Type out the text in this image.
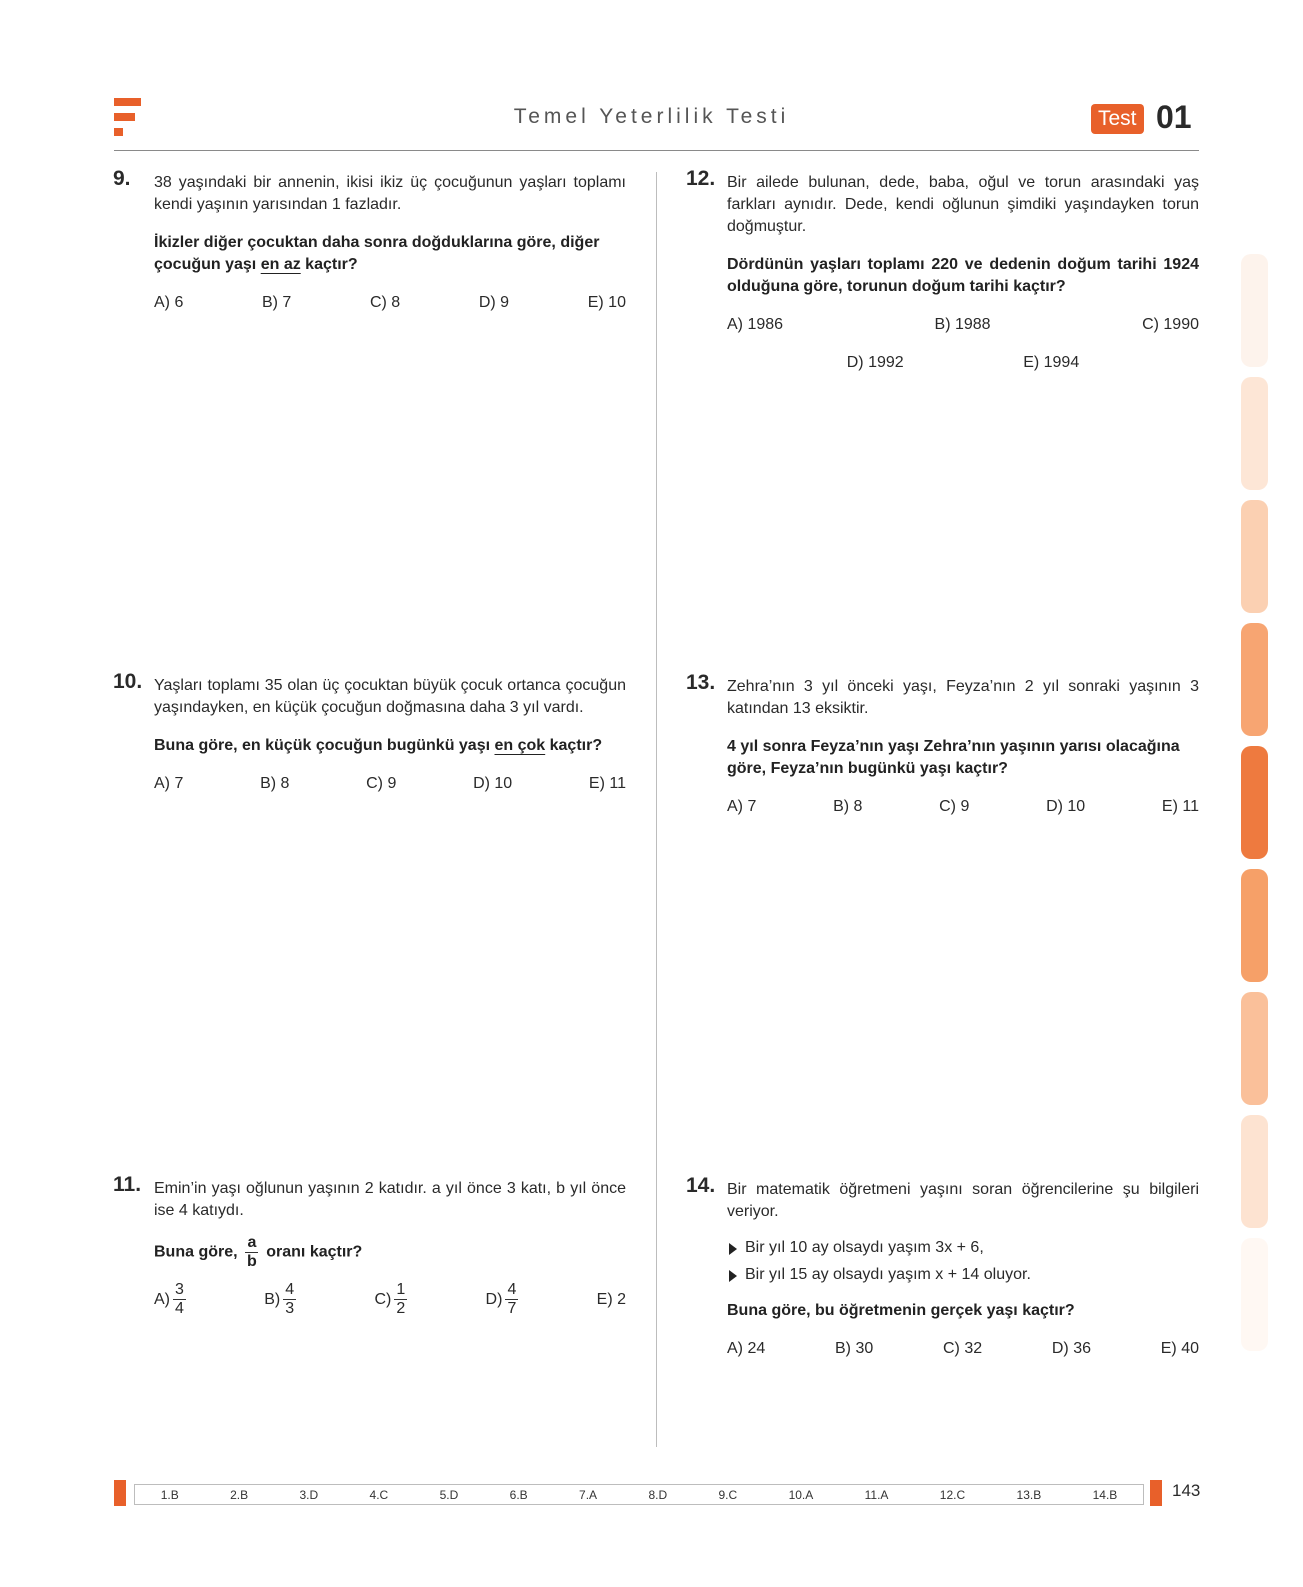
Temel Yeterlilik Testi	Test 01
9. 38 yaşındaki bir annenin, ikisi ikiz üç çocuğunun yaşları toplamı kendi yaşının yarısından 1 fazladır.

İkizler diğer çocuktan daha sonra doğduklarına göre, diğer çocuğun yaşı en az kaçtır?

A) 6	B) 7	C) 8	D) 9	E) 10
10. Yaşları toplamı 35 olan üç çocuktan büyük çocuk ortanca çocuğun yaşındayken, en küçük çocuğun doğmasına daha 3 yıl vardı.

Buna göre, en küçük çocuğun bugünkü yaşı en çok kaçtır?

A) 7	B) 8	C) 9	D) 10	E) 11
11. Emin’in yaşı oğlunun yaşının 2 katıdır. a yıl önce 3 katı, b yıl önce ise 4 katıydı.

Buna göre, $\frac{a}{b}$ oranı kaçtır?

$A) \frac{3}{4}$	$B) \frac{4}{3}$	$C) \frac{1}{2}$	$D) \frac{4}{7}$	E) 2
12. Bir ailede bulunan, dede, baba, oğul ve torun arasındaki yaş farkları aynıdır. Dede, kendi oğlunun şimdiki yaşındayken torun doğmuştur.

Dördünün yaşları toplamı 220 ve dedenin doğum tarihi 1924 olduğuna göre, torunun doğum tarihi kaçtır?

A) 1986	B) 1988	C) 1990
D) 1992	E) 1994
13. Zehra’nın 3 yıl önceki yaşı, Feyza’nın 2 yıl sonraki yaşının 3 katından 13 eksiktir.

4 yıl sonra Feyza’nın yaşı Zehra’nın yaşının yarısı olacağına göre, Feyza’nın bugünkü yaşı kaçtır?

A) 7	B) 8	C) 9	D) 10	E) 11
14. Bir matematik öğretmeni yaşını soran öğrencilerine şu bilgileri veriyor.

Bir yıl 10 ay olsaydı yaşım 3x + 6,
Bir yıl 15 ay olsaydı yaşım x + 14 oluyor.

Buna göre, bu öğretmenin gerçek yaşı kaçtır?

A) 24	B) 30	C) 32	D) 36	E) 40
1.B	2.B	3.D	4.C	5.D	6.B	7.A	8.D	9.C	10.A	11.A	12.C	13.B	14.B	143
